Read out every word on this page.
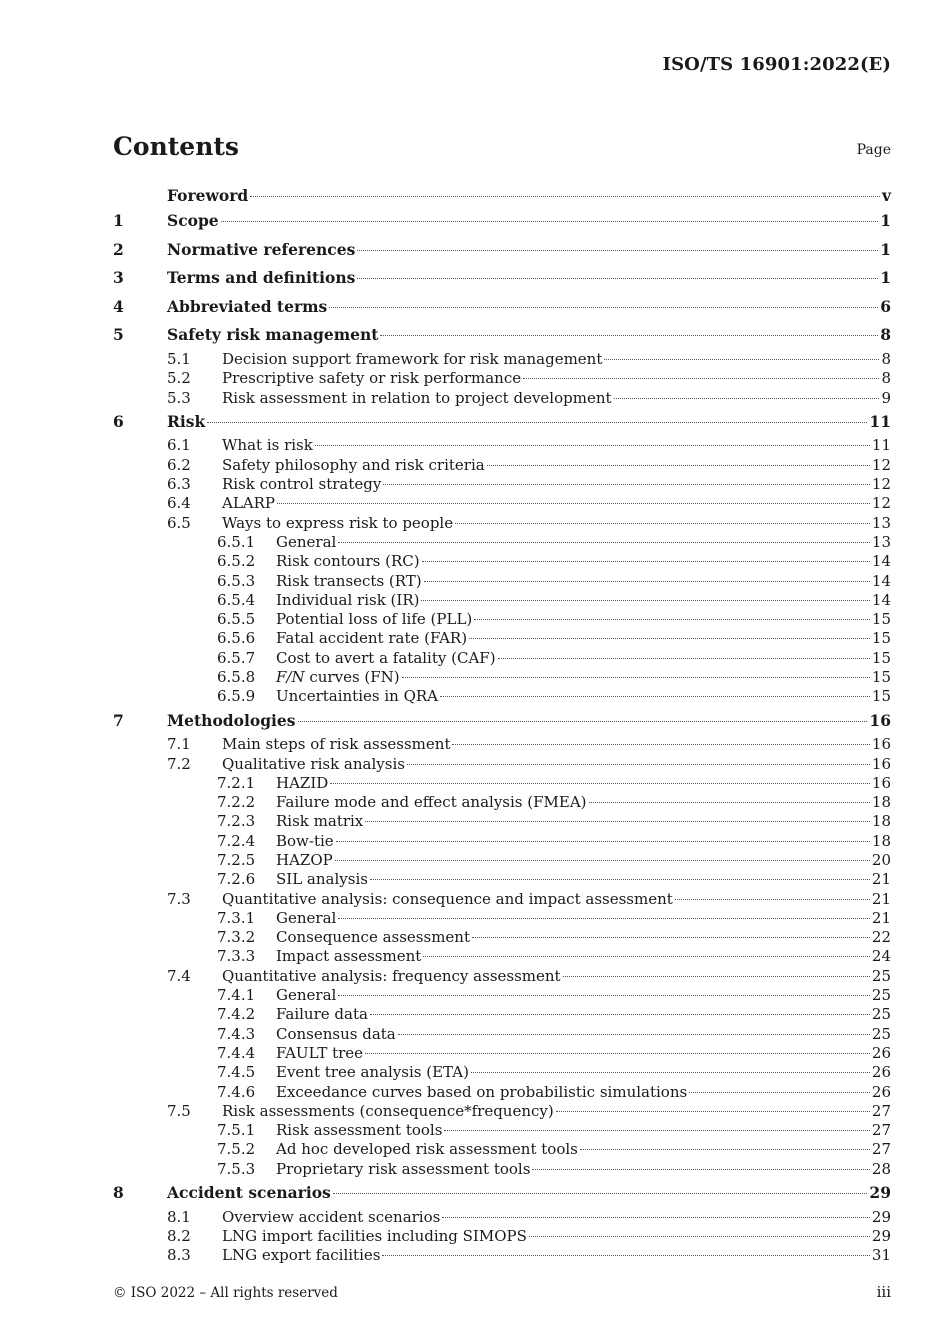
ISO/TS 16901:2022(E)
Contents	Page
Foreword	v
1	Scope	1
2	Normative references	1
3	Terms and definitions	1
4	Abbreviated terms	6
5	Safety risk management	8
5.1	Decision support framework for risk management	8
5.2	Prescriptive safety or risk performance	8
5.3	Risk assessment in relation to project development	9
6	Risk	11
6.1	What is risk	11
6.2	Safety philosophy and risk criteria	12
6.3	Risk control strategy	12
6.4	ALARP	12
6.5	Ways to express risk to people	13
6.5.1	General	13
6.5.2	Risk contours (RC)	14
6.5.3	Risk transects (RT)	14
6.5.4	Individual risk (IR)	14
6.5.5	Potential loss of life (PLL)	15
6.5.6	Fatal accident rate (FAR)	15
6.5.7	Cost to avert a fatality (CAF)	15
6.5.8	F/N curves (FN)	15
6.5.9	Uncertainties in QRA	15
7	Methodologies	16
7.1	Main steps of risk assessment	16
7.2	Qualitative risk analysis	16
7.2.1	HAZID	16
7.2.2	Failure mode and effect analysis (FMEA)	18
7.2.3	Risk matrix	18
7.2.4	Bow-tie	18
7.2.5	HAZOP	20
7.2.6	SIL analysis	21
7.3	Quantitative analysis: consequence and impact assessment	21
7.3.1	General	21
7.3.2	Consequence assessment	22
7.3.3	Impact assessment	24
7.4	Quantitative analysis: frequency assessment	25
7.4.1	General	25
7.4.2	Failure data	25
7.4.3	Consensus data	25
7.4.4	FAULT tree	26
7.4.5	Event tree analysis (ETA)	26
7.4.6	Exceedance curves based on probabilistic simulations	26
7.5	Risk assessments (consequence*frequency)	27
7.5.1	Risk assessment tools	27
7.5.2	Ad hoc developed risk assessment tools	27
7.5.3	Proprietary risk assessment tools	28
8	Accident scenarios	29
8.1	Overview accident scenarios	29
8.2	LNG import facilities including SIMOPS	29
8.3	LNG export facilities	31
© ISO 2022 – All rights reserved	iii
